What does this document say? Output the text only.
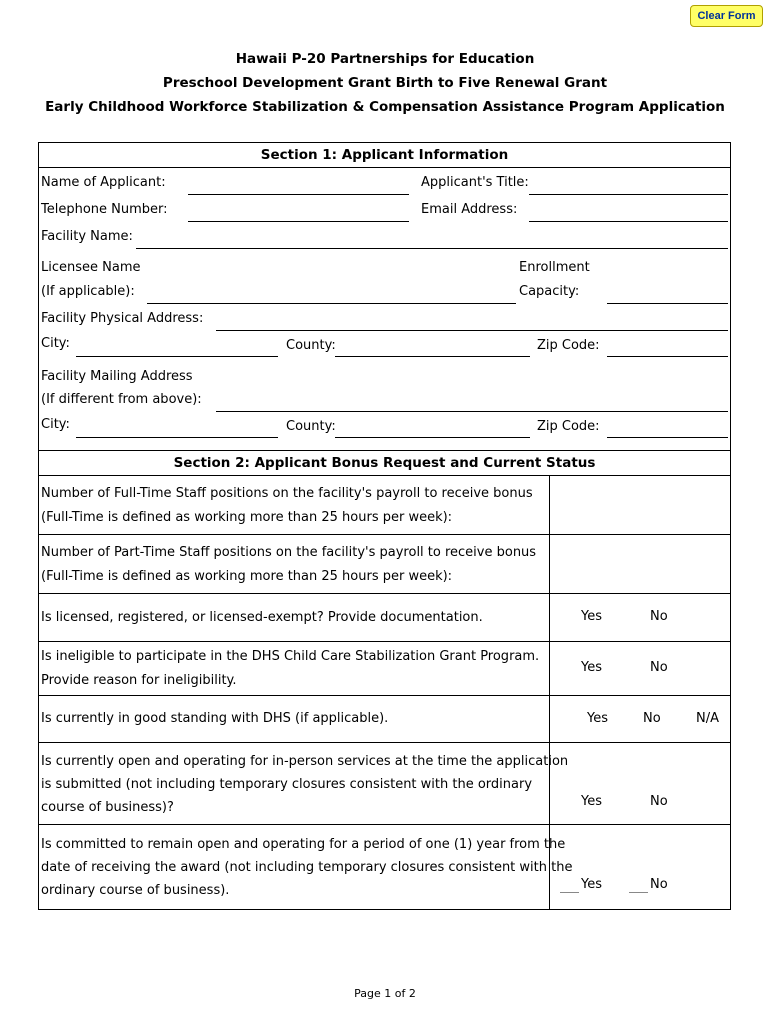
Clear Form
Hawaii P-20 Partnerships for Education
Preschool Development Grant Birth to Five Renewal Grant
Early Childhood Workforce Stabilization & Compensation Assistance Program Application
Section 1: Applicant Information
Name of Applicant:	Applicant's Title:
Telephone Number:	Email Address:
Facility Name:
Licensee Name
(If applicable):
Enrollment
Capacity:
Facility Physical Address:
City:	County:	Zip Code:
Facility Mailing Address
(If different from above):
City:	County:	Zip Code:
Section 2: Applicant Bonus Request and Current Status
Number of Full-Time Staff positions on the facility's payroll to receive bonus
(Full-Time is defined as working more than 25 hours per week):
Number of Part-Time Staff positions on the facility's payroll to receive bonus
(Full-Time is defined as working more than 25 hours per week):
Is licensed, registered, or licensed-exempt? Provide documentation.	Yes	No
Is ineligible to participate in the DHS Child Care Stabilization Grant Program.
Provide reason for ineligibility.
Yes	No
Is currently in good standing with DHS (if applicable).	Yes	No	N/A
Is currently open and operating for in-person services at the time the application
is submitted (not including temporary closures consistent with the ordinary
course of business)?	Yes	No
Is committed to remain open and operating for a period of one (1) year from the
date of receiving the award (not including temporary closures consistent with the
ordinary course of business).	Yes	No
Page 1 of 2
